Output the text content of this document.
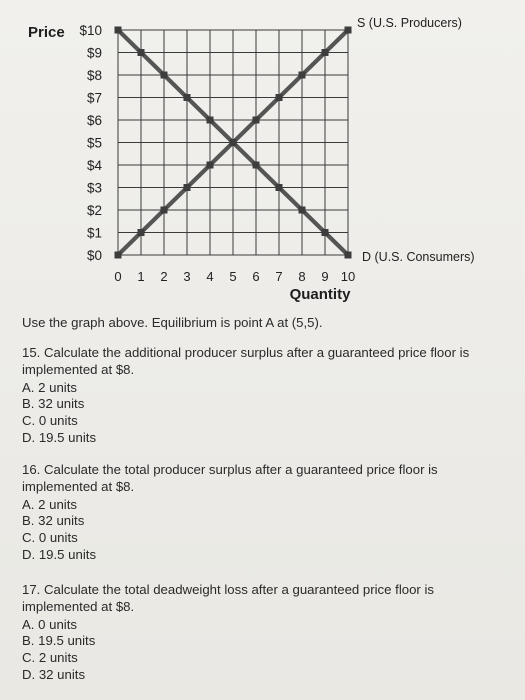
Price $10
$9
$8
$7
$6
$5
$4
$3
$2
$1
$0
0 1 2 3 4 5 6 7 8 9 10
Quantity
S (U.S. Producers)
D (U.S. Consumers)
Use the graph above. Equilibrium is point A at (5,5).
15. Calculate the additional producer surplus after a guaranteed price floor is implemented at $8.
A. 2 units
B. 32 units
C. 0 units
D. 19.5 units
16. Calculate the total producer surplus after a guaranteed price floor is implemented at $8.
A. 2 units
B. 32 units
C. 0 units
D. 19.5 units
17. Calculate the total deadweight loss after a guaranteed price floor is implemented at $8.
A. 0 units
B. 19.5 units
C. 2 units
D. 32 units
